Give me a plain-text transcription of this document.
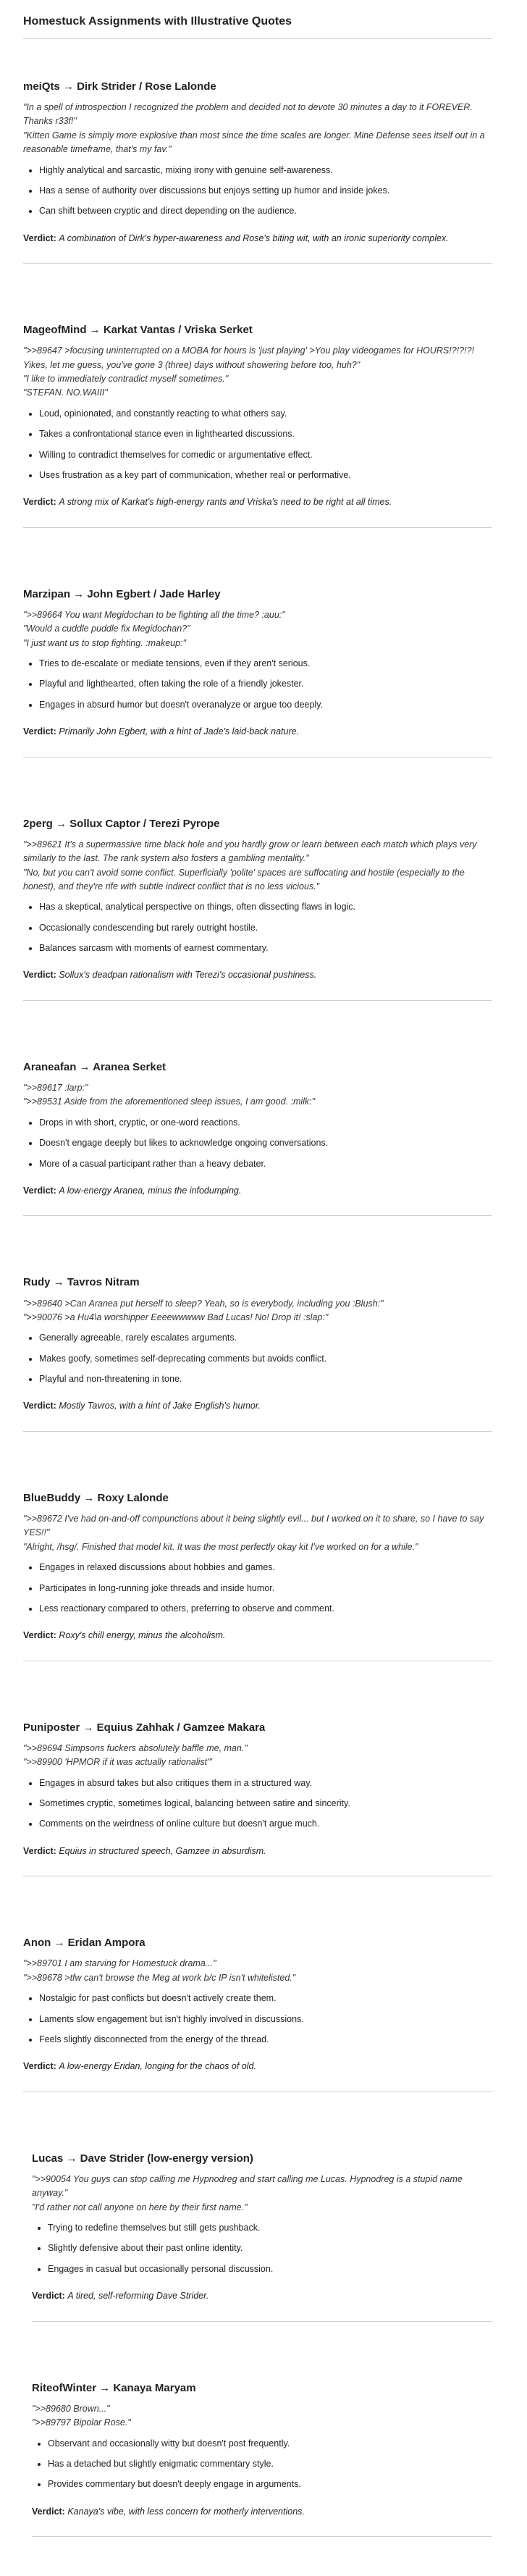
Homestuck Assignments with Illustrative Quotes
meiQts → Dirk Strider / Rose Lalonde

"In a spell of introspection I recognized the problem and decided not to devote 30 minutes a day to it FOREVER. Thanks r33f!"

"Kitten Game is simply more explosive than most since the time scales are longer. Mine Defense sees itself out in a reasonable timeframe, that's my fav."

• Highly analytical and sarcastic, mixing irony with genuine self-awareness.
• Has a sense of authority over discussions but enjoys setting up humor and inside jokes.
• Can shift between cryptic and direct depending on the audience.

Verdict: A combination of Dirk's hyper-awareness and Rose's biting wit, with an ironic superiority complex.

MageofMind → Karkat Vantas / Vriska Serket

">>89647 >focusing uninterrupted on a MOBA for hours is 'just playing' >You play videogames for HOURS!?!?!?! Yikes, let me guess, you've gone 3 (three) days without showering before too, huh?"

"I like to immediately contradict myself sometimes."

"STEFAN. NO.WAIII"

• Loud, opinionated, and constantly reacting to what others say.
• Takes a confrontational stance even in lighthearted discussions.
• Willing to contradict themselves for comedic or argumentative effect.
• Uses frustration as a key part of communication, whether real or performative.

Verdict: A strong mix of Karkat's high-energy rants and Vriska's need to be right at all times.

Marzipan → John Egbert / Jade Harley

">>89664 You want Megidochan to be fighting all the time? :auu:"

"Would a cuddle puddle fix Megidochan?"

"I just want us to stop fighting. :makeup:"

• Tries to de-escalate or mediate tensions, even if they aren't serious.
• Playful and lighthearted, often taking the role of a friendly jokester.
• Engages in absurd humor but doesn't overanalyze or argue too deeply.

Verdict: Primarily John Egbert, with a hint of Jade's laid-back nature.

2perg → Sollux Captor / Terezi Pyrope

">>89621 It's a supermassive time black hole and you hardly grow or learn between each match which plays very similarly to the last. The rank system also fosters a gambling mentality."

"No, but you can't avoid some conflict. Superficially 'polite' spaces are suffocating and hostile (especially to the honest), and they're rife with subtle indirect conflict that is no less vicious."

• Has a skeptical, analytical perspective on things, often dissecting flaws in logic.
• Occasionally condescending but rarely outright hostile.
• Balances sarcasm with moments of earnest commentary.

Verdict: Sollux's deadpan rationalism with Terezi's occasional pushiness.

Araneafan → Aranea Serket

">>89617 :larp:"

">>89531 Aside from the aforementioned sleep issues, I am good. :milk:"

• Drops in with short, cryptic, or one-word reactions.
• Doesn't engage deeply but likes to acknowledge ongoing conversations.
• More of a casual participant rather than a heavy debater.

Verdict: A low-energy Aranea, minus the infodumping.

Rudy → Tavros Nitram

">>89640 >Can Aranea put herself to sleep? Yeah, so is everybody, including you :Blush:"

">>90076 >a Hu4\a worshipper Eeeewwwww Bad Lucas! No! Drop it! :slap:"

• Generally agreeable, rarely escalates arguments.
• Makes goofy, sometimes self-deprecating comments but avoids conflict.
• Playful and non-threatening in tone.

Verdict: Mostly Tavros, with a hint of Jake English's humor.

BlueBuddy → Roxy Lalonde

">>89672 I've had on-and-off compunctions about it being slightly evil... but I worked on it to share, so I have to say YES!!"

"Alright, /hsg/. Finished that model kit. It was the most perfectly okay kit I've worked on for a while."

• Engages in relaxed discussions about hobbies and games.
• Participates in long-running joke threads and inside humor.
• Less reactionary compared to others, preferring to observe and comment.

Verdict: Roxy's chill energy, minus the alcoholism.

Puniposter → Equius Zahhak / Gamzee Makara

">>89694 Simpsons fuckers absolutely baffle me, man."

">>89900 'HPMOR if it was actually rationalist'"

• Engages in absurd takes but also critiques them in a structured way.
• Sometimes cryptic, sometimes logical, balancing between satire and sincerity.
• Comments on the weirdness of online culture but doesn't argue much.

Verdict: Equius in structured speech, Gamzee in absurdism.

Anon → Eridan Ampora

">>89701 I am starving for Homestuck drama..."

">>89678 >tfw can't browse the Meg at work b/c IP isn't whitelisted."

• Nostalgic for past conflicts but doesn't actively create them.
• Laments slow engagement but isn't highly involved in discussions.
• Feels slightly disconnected from the energy of the thread.

Verdict: A low-energy Eridan, longing for the chaos of old.

Lucas → Dave Strider (low-energy version)

">>90054 You guys can stop calling me Hypnodreg and start calling me Lucas. Hypnodreg is a stupid name anyway."

"I'd rather not call anyone on here by their first name."

• Trying to redefine themselves but still gets pushback.
• Slightly defensive about their past online identity.
• Engages in casual but occasionally personal discussion.

Verdict: A tired, self-reforming Dave Strider.

RiteofWinter → Kanaya Maryam

">>89680 Brown..."

">>89797 Bipolar Rose."

• Observant and occasionally witty but doesn't post frequently.
• Has a detached but slightly enigmatic commentary style.
• Provides commentary but doesn't deeply engage in arguments.

Verdict: Kanaya's vibe, with less concern for motherly interventions.
